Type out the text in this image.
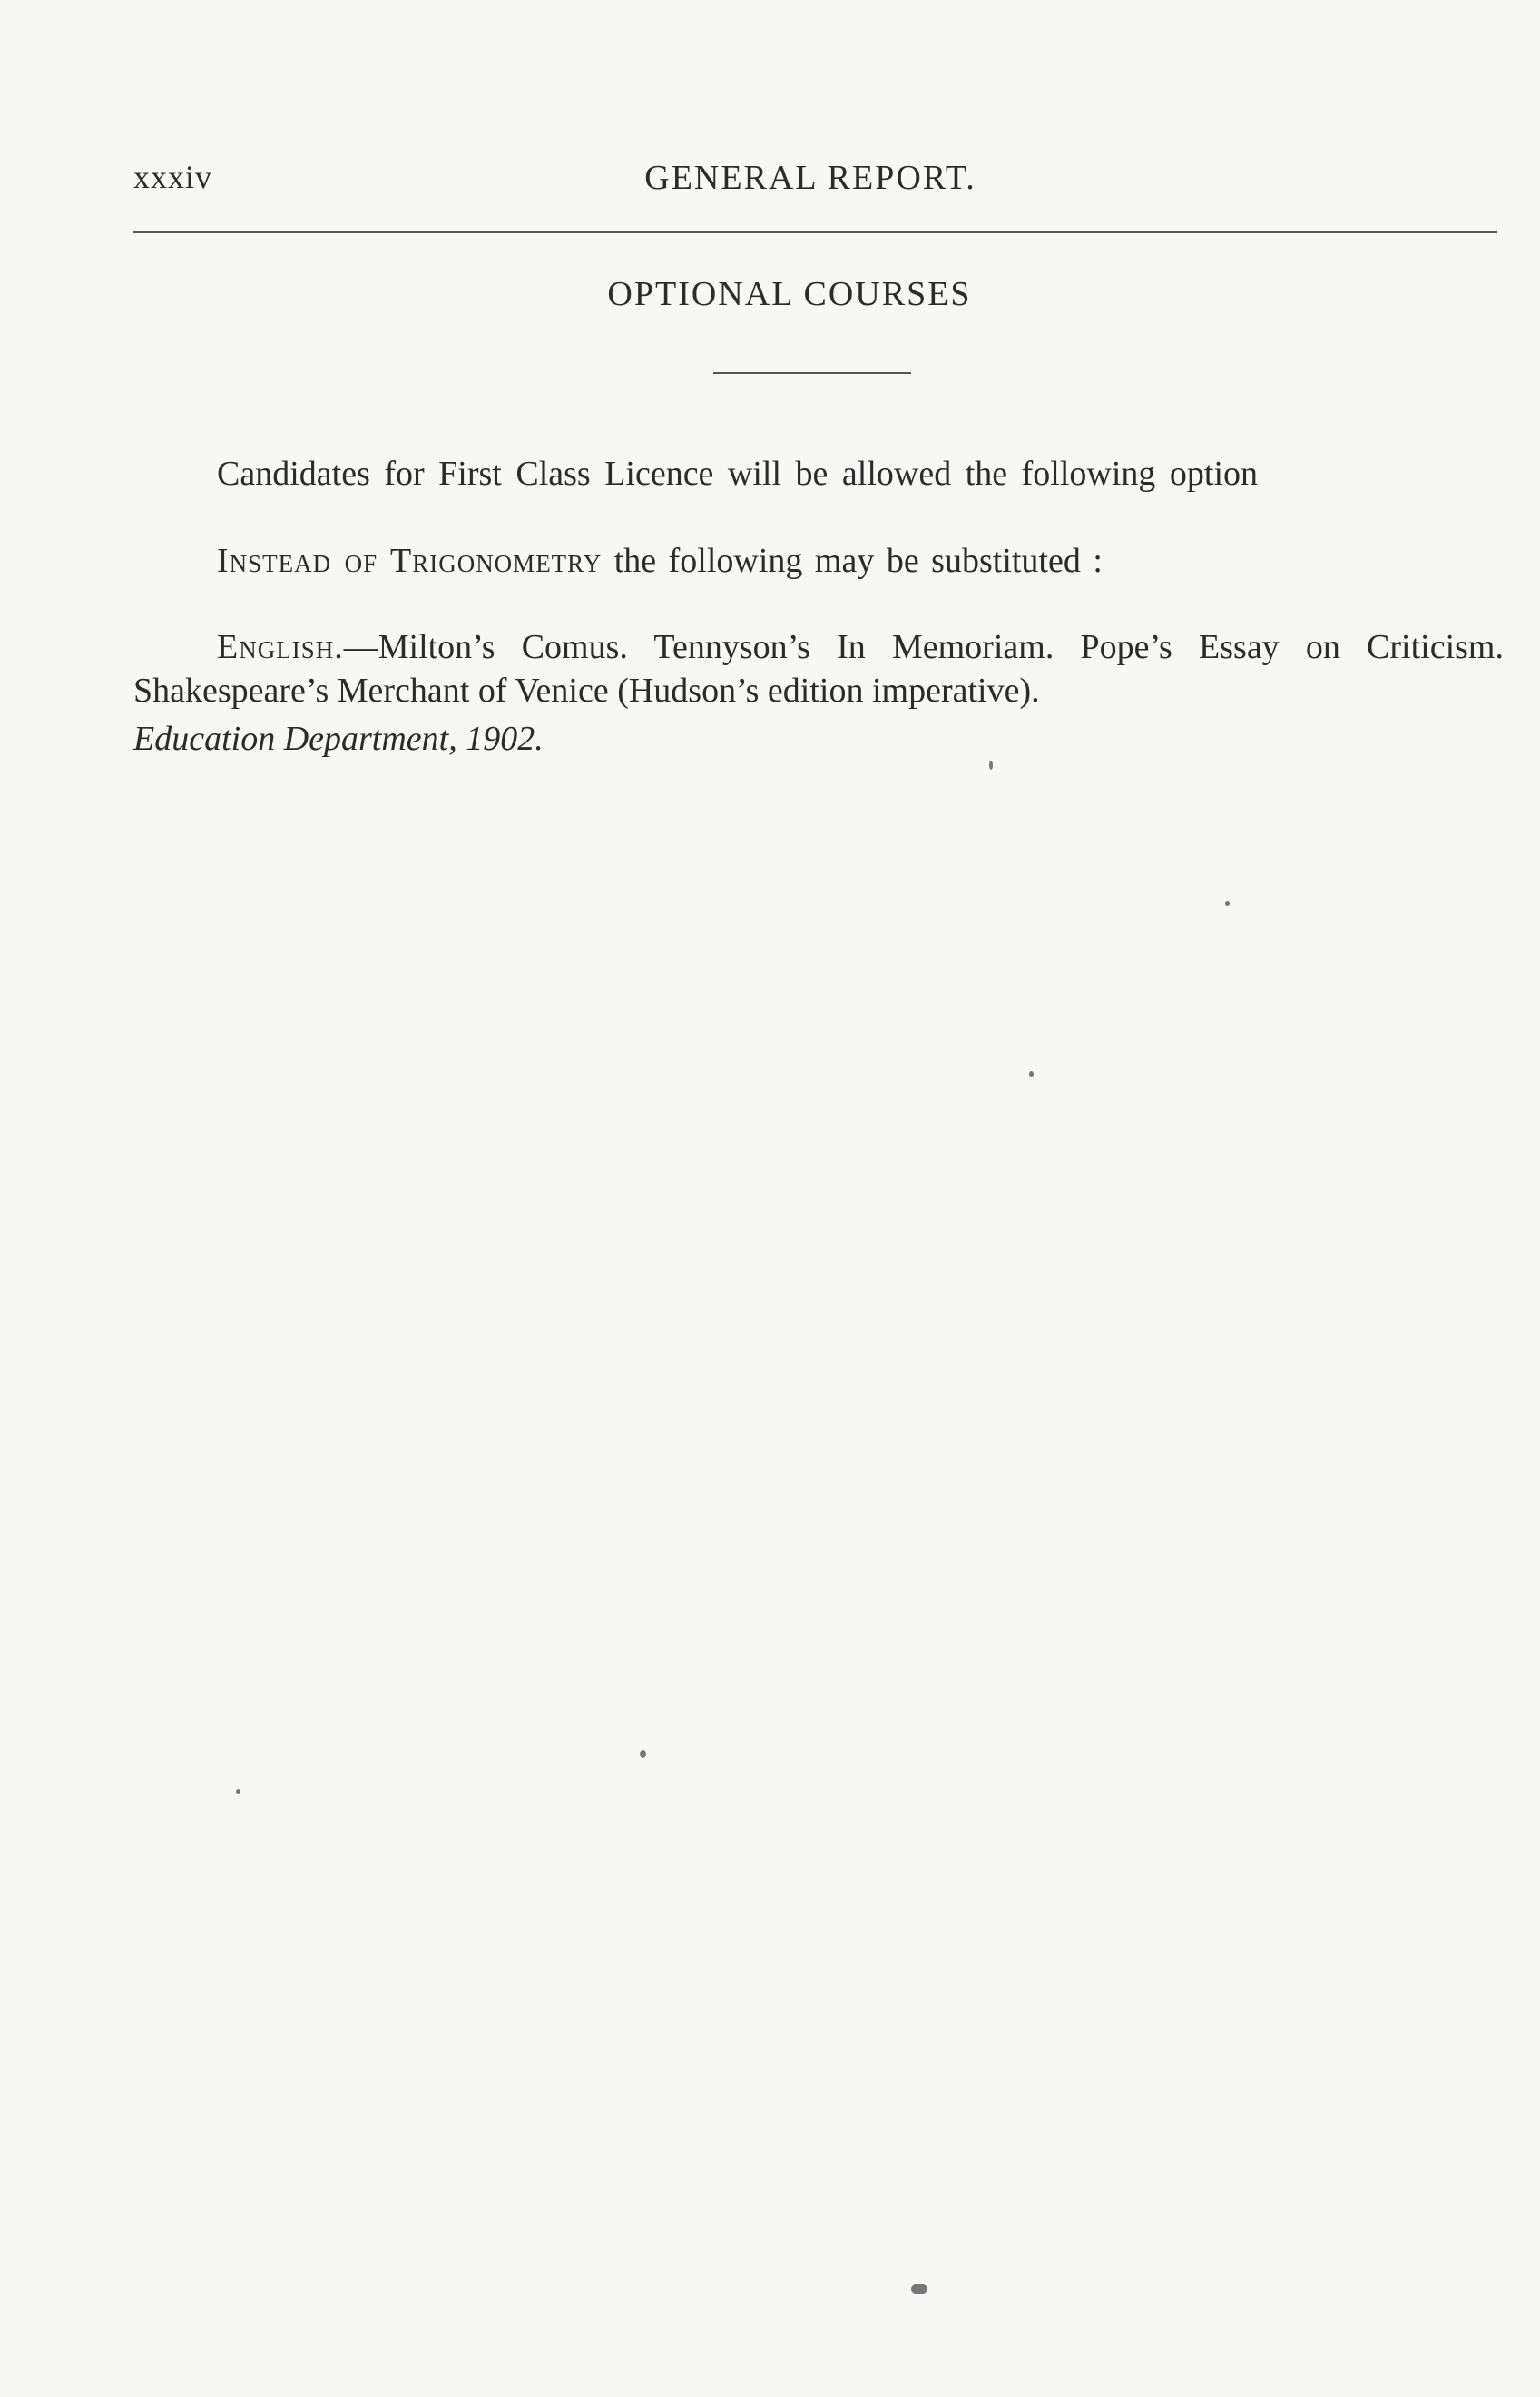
xxxiv	GENERAL REPORT.
OPTIONAL COURSES

Candidates for First Class Licence will be allowed the following option

Instead of Trigonometry the following may be substituted :

English.—Milton’s Comus. Tennyson’s In Memoriam. Pope’s Essay on Criticism. Shakespeare’s Merchant of Venice (Hudson’s edition imperative).

Education Department, 1902.
